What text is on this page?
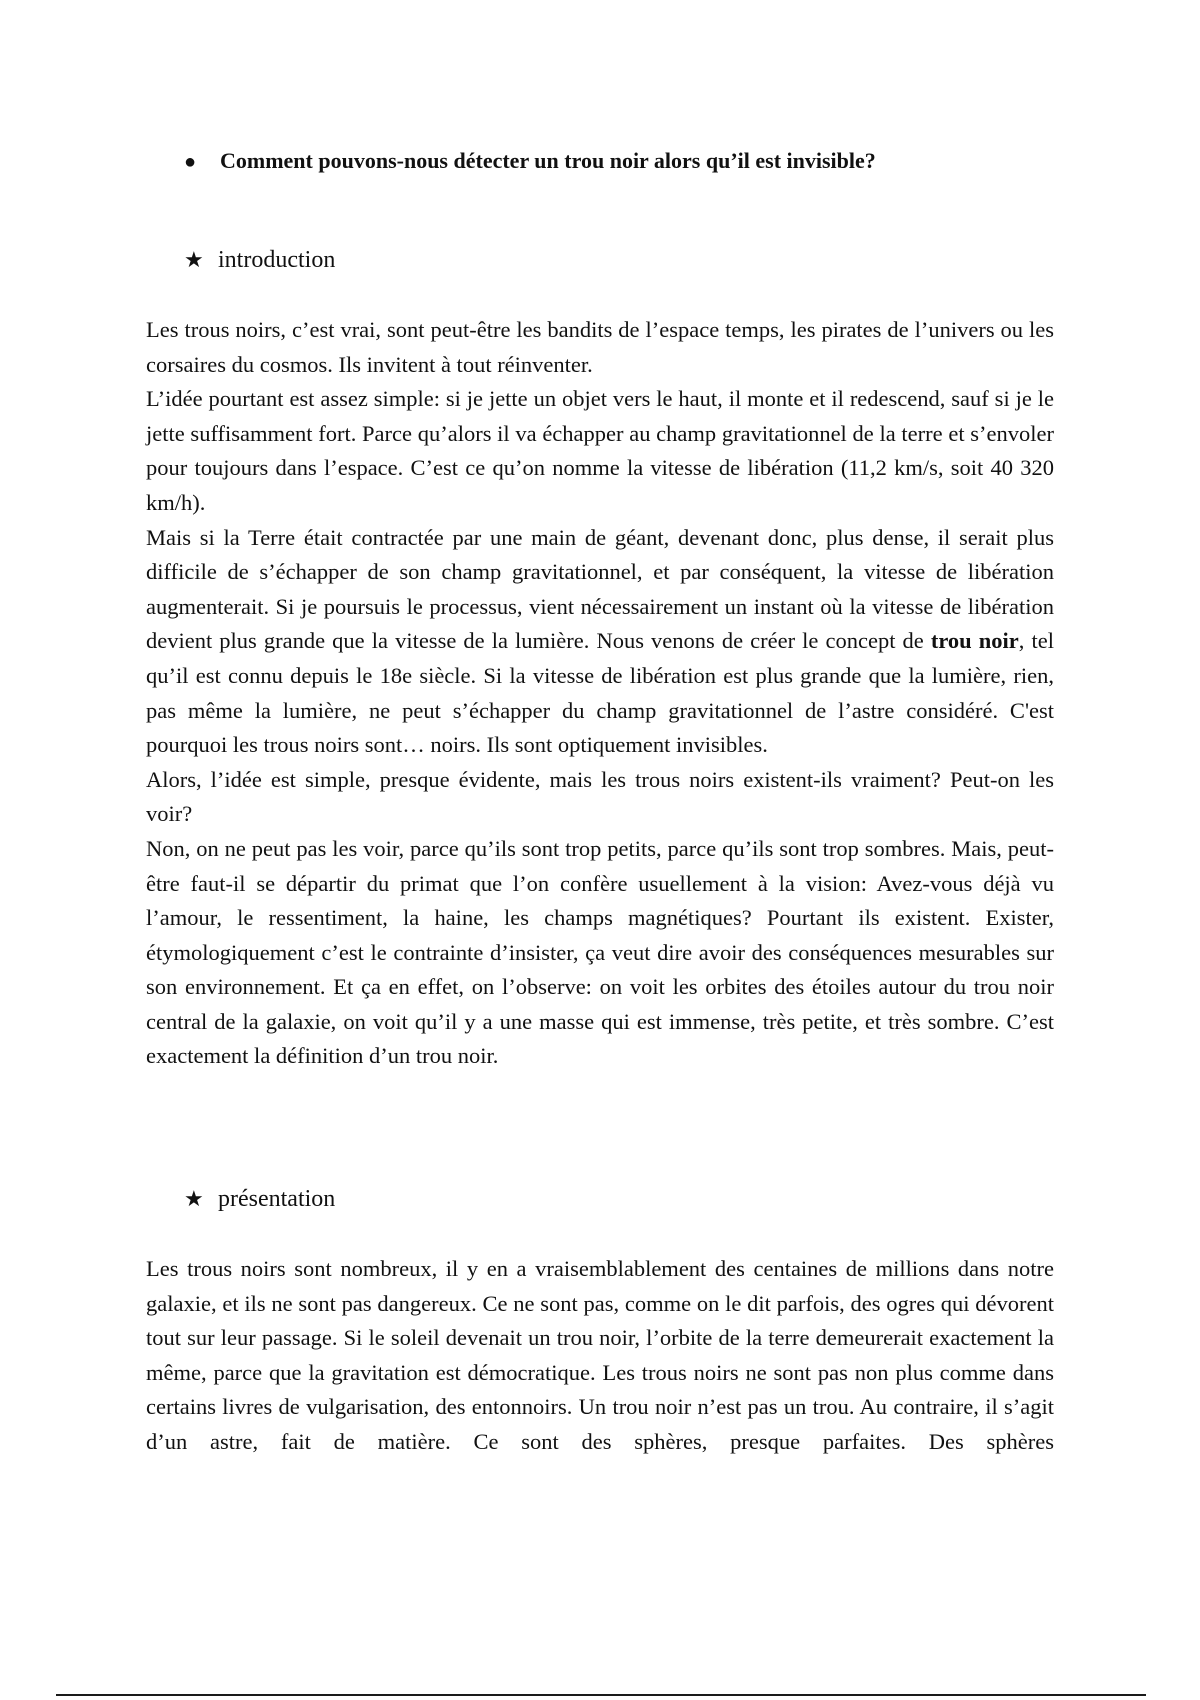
● Comment pouvons-nous détecter un trou noir alors qu’il est invisible?
★ introduction

Les trous noirs, c’est vrai, sont peut-être les bandits de l’espace temps, les pirates de l’univers ou les corsaires du cosmos. Ils invitent à tout réinventer.

L’idée pourtant est assez simple: si je jette un objet vers le haut, il monte et il redescend, sauf si je le jette suffisamment fort. Parce qu’alors il va échapper au champ gravitationnel de la terre et s’envoler pour toujours dans l’espace. C’est ce qu’on nomme la vitesse de libération (11,2 km/s, soit 40 320 km/h).

Mais si la Terre était contractée par une main de géant, devenant donc, plus dense, il serait plus difficile de s’échapper de son champ gravitationnel, et par conséquent, la vitesse de libération augmenterait. Si je poursuis le processus, vient nécessairement un instant où la vitesse de libération devient plus grande que la vitesse de la lumière. Nous venons de créer le concept de trou noir, tel qu’il est connu depuis le 18e siècle. Si la vitesse de libération est plus grande que la lumière, rien, pas même la lumière, ne peut s’échapper du champ gravitationnel de l’astre considéré. C'est pourquoi les trous noirs sont… noirs. Ils sont optiquement invisibles.

Alors, l’idée est simple, presque évidente, mais les trous noirs existent-ils vraiment? Peut-on les voir?

Non, on ne peut pas les voir, parce qu’ils sont trop petits, parce qu’ils sont trop sombres. Mais, peut-être faut-il se départir du primat que l’on confère usuellement à la vision: Avez-vous déjà vu l’amour, le ressentiment, la haine, les champs magnétiques? Pourtant ils existent. Exister, étymologiquement c’est le contrainte d’insister, ça veut dire avoir des conséquences mesurables sur son environnement. Et ça en effet, on l’observe: on voit les orbites des étoiles autour du trou noir central de la galaxie, on voit qu’il y a une masse qui est immense, très petite, et très sombre. C’est exactement la définition d’un trou noir.

★ présentation

Les trous noirs sont nombreux, il y en a vraisemblablement des centaines de millions dans notre galaxie, et ils ne sont pas dangereux. Ce ne sont pas, comme on le dit parfois, des ogres qui dévorent tout sur leur passage. Si le soleil devenait un trou noir, l’orbite de la terre demeurerait exactement la même, parce que la gravitation est démocratique. Les trous noirs ne sont pas non plus comme dans certains livres de vulgarisation, des entonnoirs. Un trou noir n’est pas un trou. Au contraire, il s’agit d’un astre, fait de matière. Ce sont des sphères, presque parfaites. Des sphères
